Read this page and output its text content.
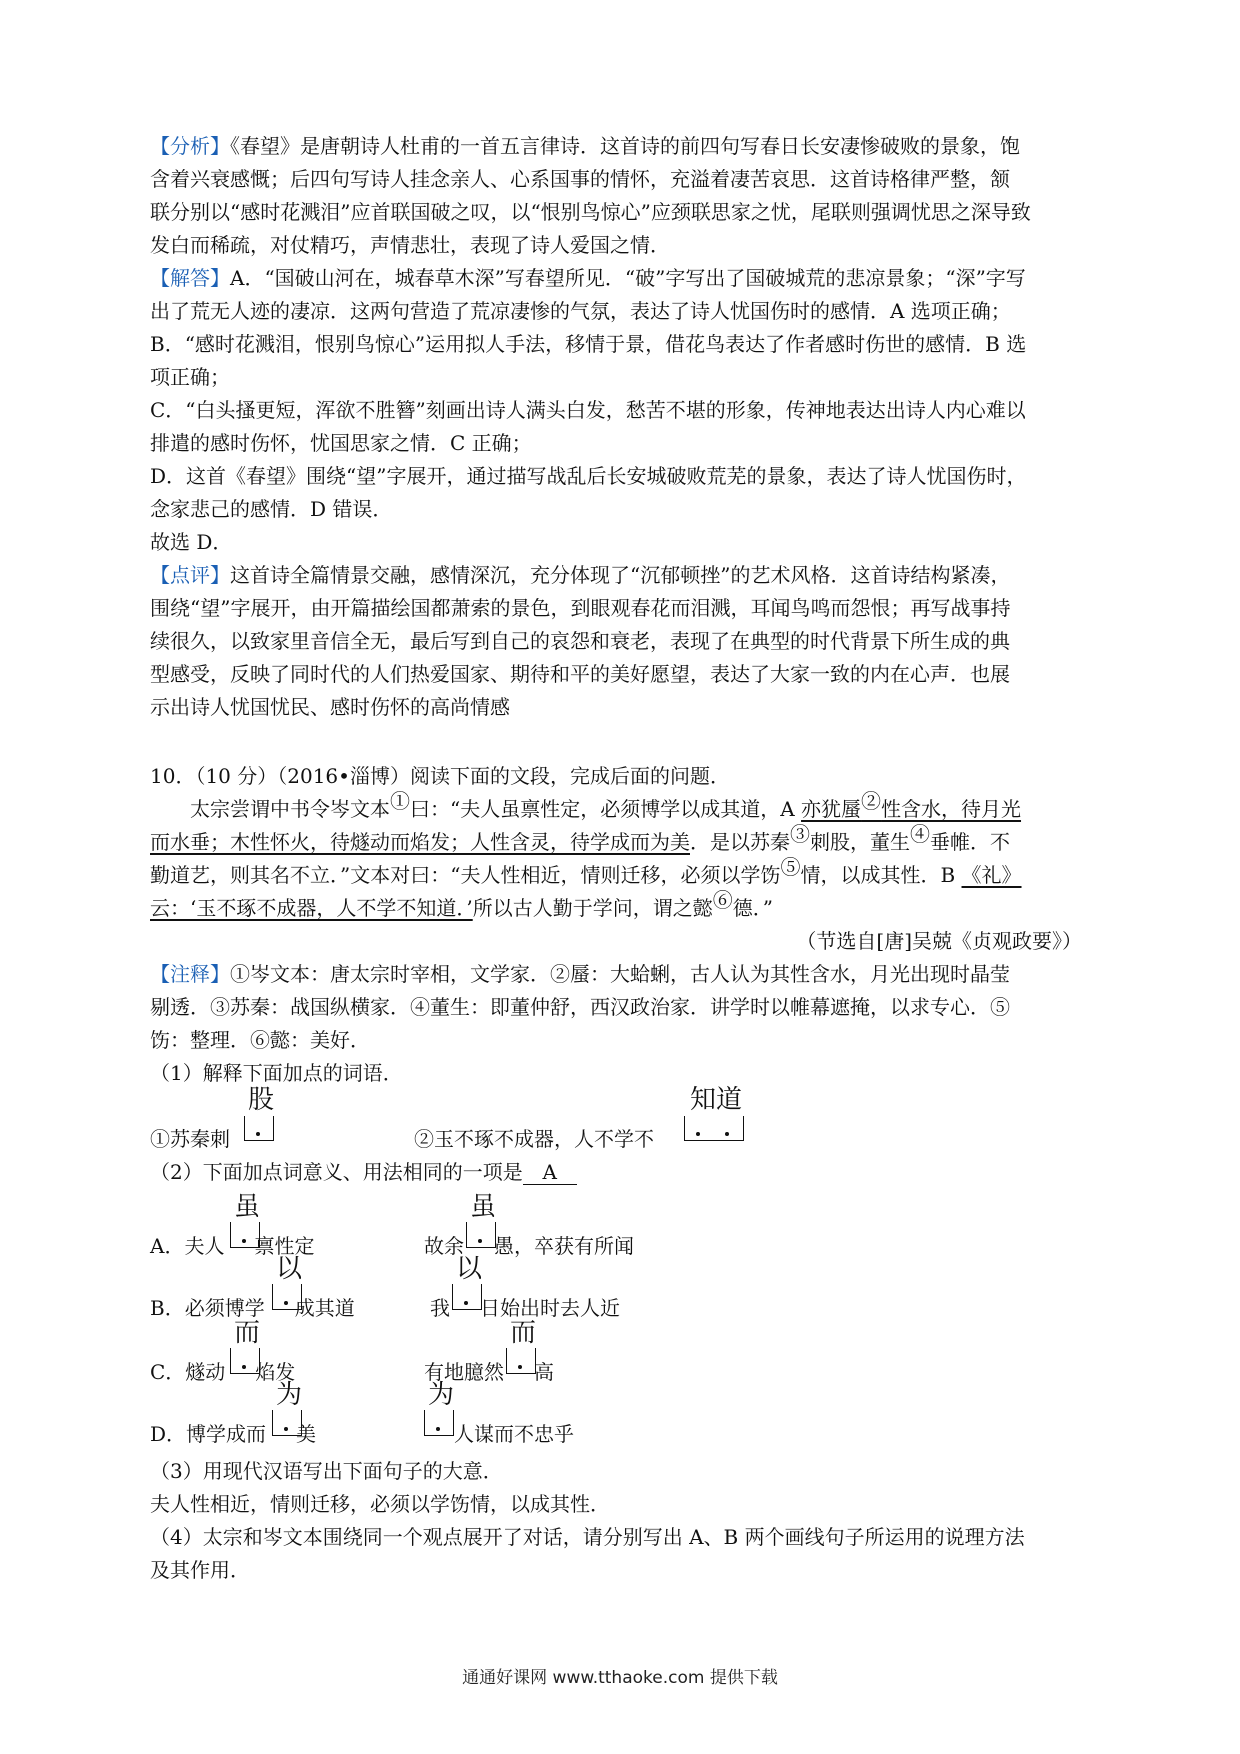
【分析】《春望》是唐朝诗人杜甫的一首五言律诗．这首诗的前四句写春日长安凄惨破败的景象，饱
含着兴衰感慨；后四句写诗人挂念亲人、心系国事的情怀，充溢着凄苦哀思．这首诗格律严整，颔
联分别以“感时花溅泪”应首联国破之叹，以“恨别鸟惊心”应颈联思家之忧，尾联则强调忧思之深导致
发白而稀疏，对仗精巧，声情悲壮，表现了诗人爱国之情．
【解答】A．“国破山河在，城春草木深”写春望所见．“破”字写出了国破城荒的悲凉景象；“深”字写
出了荒无人迹的凄凉．这两句营造了荒凉凄惨的气氛，表达了诗人忧国伤时的感情．A 选项正确；
B．“感时花溅泪，恨别鸟惊心”运用拟人手法，移情于景，借花鸟表达了作者感时伤世的感情．B 选
项正确；
C．“白头搔更短，浑欲不胜簪”刻画出诗人满头白发，愁苦不堪的形象，传神地表达出诗人内心难以
排遣的感时伤怀，忧国思家之情．C 正确；
D．这首《春望》围绕“望”字展开，通过描写战乱后长安城破败荒芜的景象，表达了诗人忧国伤时，
念家悲己的感情．D 错误．
故选 D．
【点评】这首诗全篇情景交融，感情深沉，充分体现了“沉郁顿挫”的艺术风格．这首诗结构紧凑，
围绕“望”字展开，由开篇描绘国都萧索的景色，到眼观春花而泪溅，耳闻鸟鸣而怨恨；再写战事持
续很久，以致家里音信全无，最后写到自己的哀怨和衰老，表现了在典型的时代背景下所生成的典
型感受，反映了同时代的人们热爱国家、期待和平的美好愿望，表达了大家一致的内在心声．也展
示出诗人忧国忧民、感时伤怀的高尚情感
10．（10 分）（2016•淄博）阅读下面的文段，完成后面的问题．
太宗尝谓中书令岑文本①曰：“夫人虽禀性定，必须博学以成其道，A 亦犹蜃②性含水，待月光
而水垂；木性怀火，待燧动而焰发；人性含灵，待学成而为美．是以苏秦③刺股，董生④垂帷．不
勤道艺，则其名不立．”文本对曰：“夫人性相近，情则迁移，必须以学饬⑤情，以成其性．B 《礼》
云：‘玉不琢不成器，人不学不知道．’所以古人勤于学问，谓之懿⑥德．”
（节选自[唐]吴兢《贞观政要》）
【注释】①岑文本：唐太宗时宰相，文学家．②蜃：大蛤蜊，古人认为其性含水，月光出现时晶莹
剔透．③苏秦：战国纵横家．④董生：即董仲舒，西汉政治家．讲学时以帷幕遮掩，以求专心．⑤
饬：整理．⑥懿：美好．
（1）解释下面加点的词语．
①苏秦刺
股
②玉不琢不成器，人不学不
知道
（2）下面加点词意义、用法相同的一项是 A
A．夫人 禀性定
虽
故余 愚，卒获有所闻
虽
B．必须博学 成其道
以
我 日始出时去人近
以
C．燧动 焰发
而
有地臆然 高
而
D．博学成而 美
为
人谋而不忠乎
为
（3）用现代汉语写出下面句子的大意．
夫人性相近，情则迁移，必须以学饬情，以成其性．
（4）太宗和岑文本围绕同一个观点展开了对话，请分别写出 A、B 两个画线句子所运用的说理方法
及其作用．
通通好课网 www.tthaoke.com 提供下载
